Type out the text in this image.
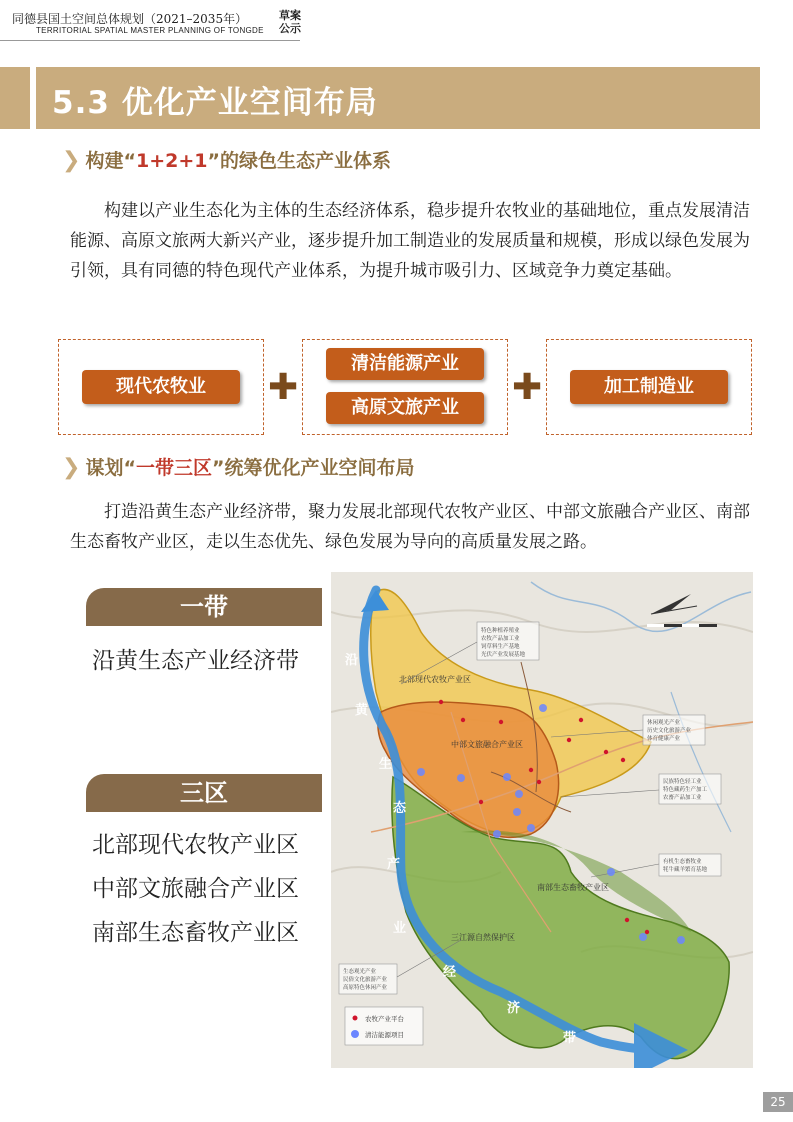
同德县国土空间总体规划（2021–2035年）
TERRITORIAL SPATIAL MASTER PLANNING OF TONGDE
草案
公示
5.3 优化产业空间布局
❯ 构建“1+2+1”的绿色生态产业体系

构建以产业生态化为主体的生态经济体系，稳步提升农牧业的基础地位，重点发展清洁能源、高原文旅两大新兴产业，逐步提升加工制造业的发展质量和规模，形成以绿色发展为引领，具有同德的特色现代产业体系，为提升城市吸引力、区域竞争力奠定基础。

现代农牧业	✚
清洁能源产业
高原文旅产业	✚	加工制造业
❯ 谋划“一带三区”统筹优化产业空间布局

打造沿黄生态产业经济带，聚力发展北部现代农牧产业区、中部文旅融合产业区、南部生态畜牧产业区，走以生态优先、绿色发展为导向的高质量发展之路。

一带
沿黄生态产业经济带
三区
北部现代农牧产业区
中部文旅融合产业区
南部生态畜牧产业区
沿
黄
生
态
产
业
经
济
带
北部现代农牧产业区
中部文旅融合产业区
南部生态畜牧产业区
三江源自然保护区
特色种植养殖业
农牧产品加工业
饲草料生产基地
光伏产业发展基地
休闲观光产业
历史文化旅游产业
体育健康产业
民族特色轻工业
特色藏药生产加工
农畜产品加工业
有机生态畜牧业
牦牛藏羊繁育基地
生态观光产业
民俗文化旅游产业
高原特色休闲产业
农牧产业平台
清洁能源项目
25
